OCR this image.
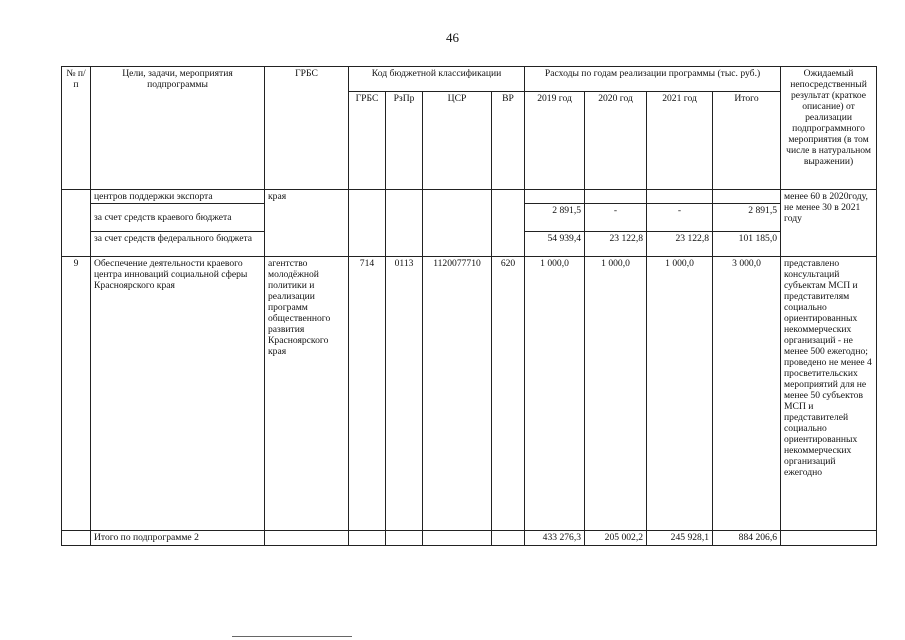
46
№ п/п	Цели, задачи, мероприятия подпрограммы	ГРБС	Код бюджетной классификации				Расходы по годам реализации программы (тыс. руб.)				Ожидаемый непосредственный результат (краткое описание) от реализации подпрограммного мероприятия (в том числе в натуральном выражении)
			ГРБС	РзПр	ЦСР	ВР	2019 год	2020 год	2021 год	Итого	
	центров поддержки экспорта	края									менее 60 в 2020году, не менее 30 в 2021 году
	за счет средств краевого бюджета						2 891,5	-	-	2 891,5	
	за счет средств федерального бюджета						54 939,4	23 122,8	23 122,8	101 185,0	
9	Обеспечение деятельности краевого центра инноваций социальной сферы Красноярского края	агентство молодёжной политики и реализации программ общественного развития Красноярского края	714	0113	1120077710	620	1 000,0	1 000,0	1 000,0	3 000,0	представлено консультаций субъектам МСП и представителям социально ориентированных некоммерческих организаций - не менее 500 ежегодно; проведено не менее 4 просветительских мероприятий для не менее 50 субъектов МСП и представителей социально ориентированных некоммерческих организаций ежегодно
	Итого по подпрограмме 2						433 276,3	205 002,2	245 928,1	884 206,6	
